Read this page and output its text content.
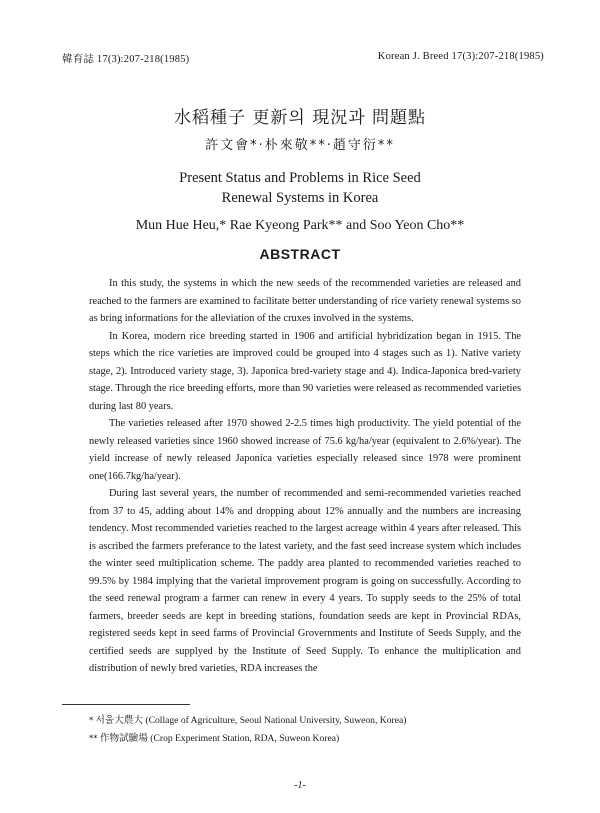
韓育誌 17(3):207-218(1985)	Korean J. Breed 17(3):207-218(1985)
水稻種子 更新의 現況과 問題點
許文會*·朴來敬**·趙守衍**
Present Status and Problems in Rice Seed
Renewal Systems in Korea
Mun Hue Heu,* Rae Kyeong Park** and Soo Yeon Cho**
ABSTRACT

In this study, the systems in which the new seeds of the recommended varieties are released and reached to the farmers are examined to facilitate better understanding of rice variety renewal systems so as bring informations for the alleviation of the cruxes involved in the systems.

In Korea, modern rice breeding started in 1906 and artificial hybridization began in 1915. The steps which the rice varieties are improved could be grouped into 4 stages such as 1). Native variety stage, 2). Introduced variety stage, 3). Japonica bred-variety stage and 4). Indica-Japonica bred-variety stage. Through the rice breeding efforts, more than 90 varieties were released as recommended varieties during last 80 years.

The varieties released after 1970 showed 2-2.5 times high productivity. The yield potential of the newly released varieties since 1960 showed increase of 75.6 kg/ha/year (equivalent to 2.6%/year). The yield increase of newly released Japonica varieties especially released since 1978 were prominent one(166.7kg/ha/year).

During last several years, the number of recommended and semi-recommended varieties reached from 37 to 45, adding about 14% and dropping about 12% annually and the numbers are increasing tendency. Most recommended varieties reached to the largest acreage within 4 years after released. This is ascribed the farmers preferance to the latest variety, and the fast seed increase system which includes the winter seed multiplication scheme. The paddy area planted to recommended varieties reached to 99.5% by 1984 implying that the varietal improvement program is going on successfully. According to the seed renewal program a farmer can renew in every 4 years. To supply seeds to the 25% of total farmers, breeder seeds are kept in breeding stations, foundation seeds are kept in Provincial RDAs, registered seeds kept in seed farms of Provincial Grovernments and Institute of Seeds Supply, and the certified seeds are supplyed by the Institute of Seed Supply. To enhance the multiplication and distribution of newly bred varieties, RDA increases the

* 서울大農大 (Collage of Agriculture, Seoul National University, Suweon, Korea)
** 作物試驗場 (Crop Experiment Station, RDA, Suweon Korea)
-1-
